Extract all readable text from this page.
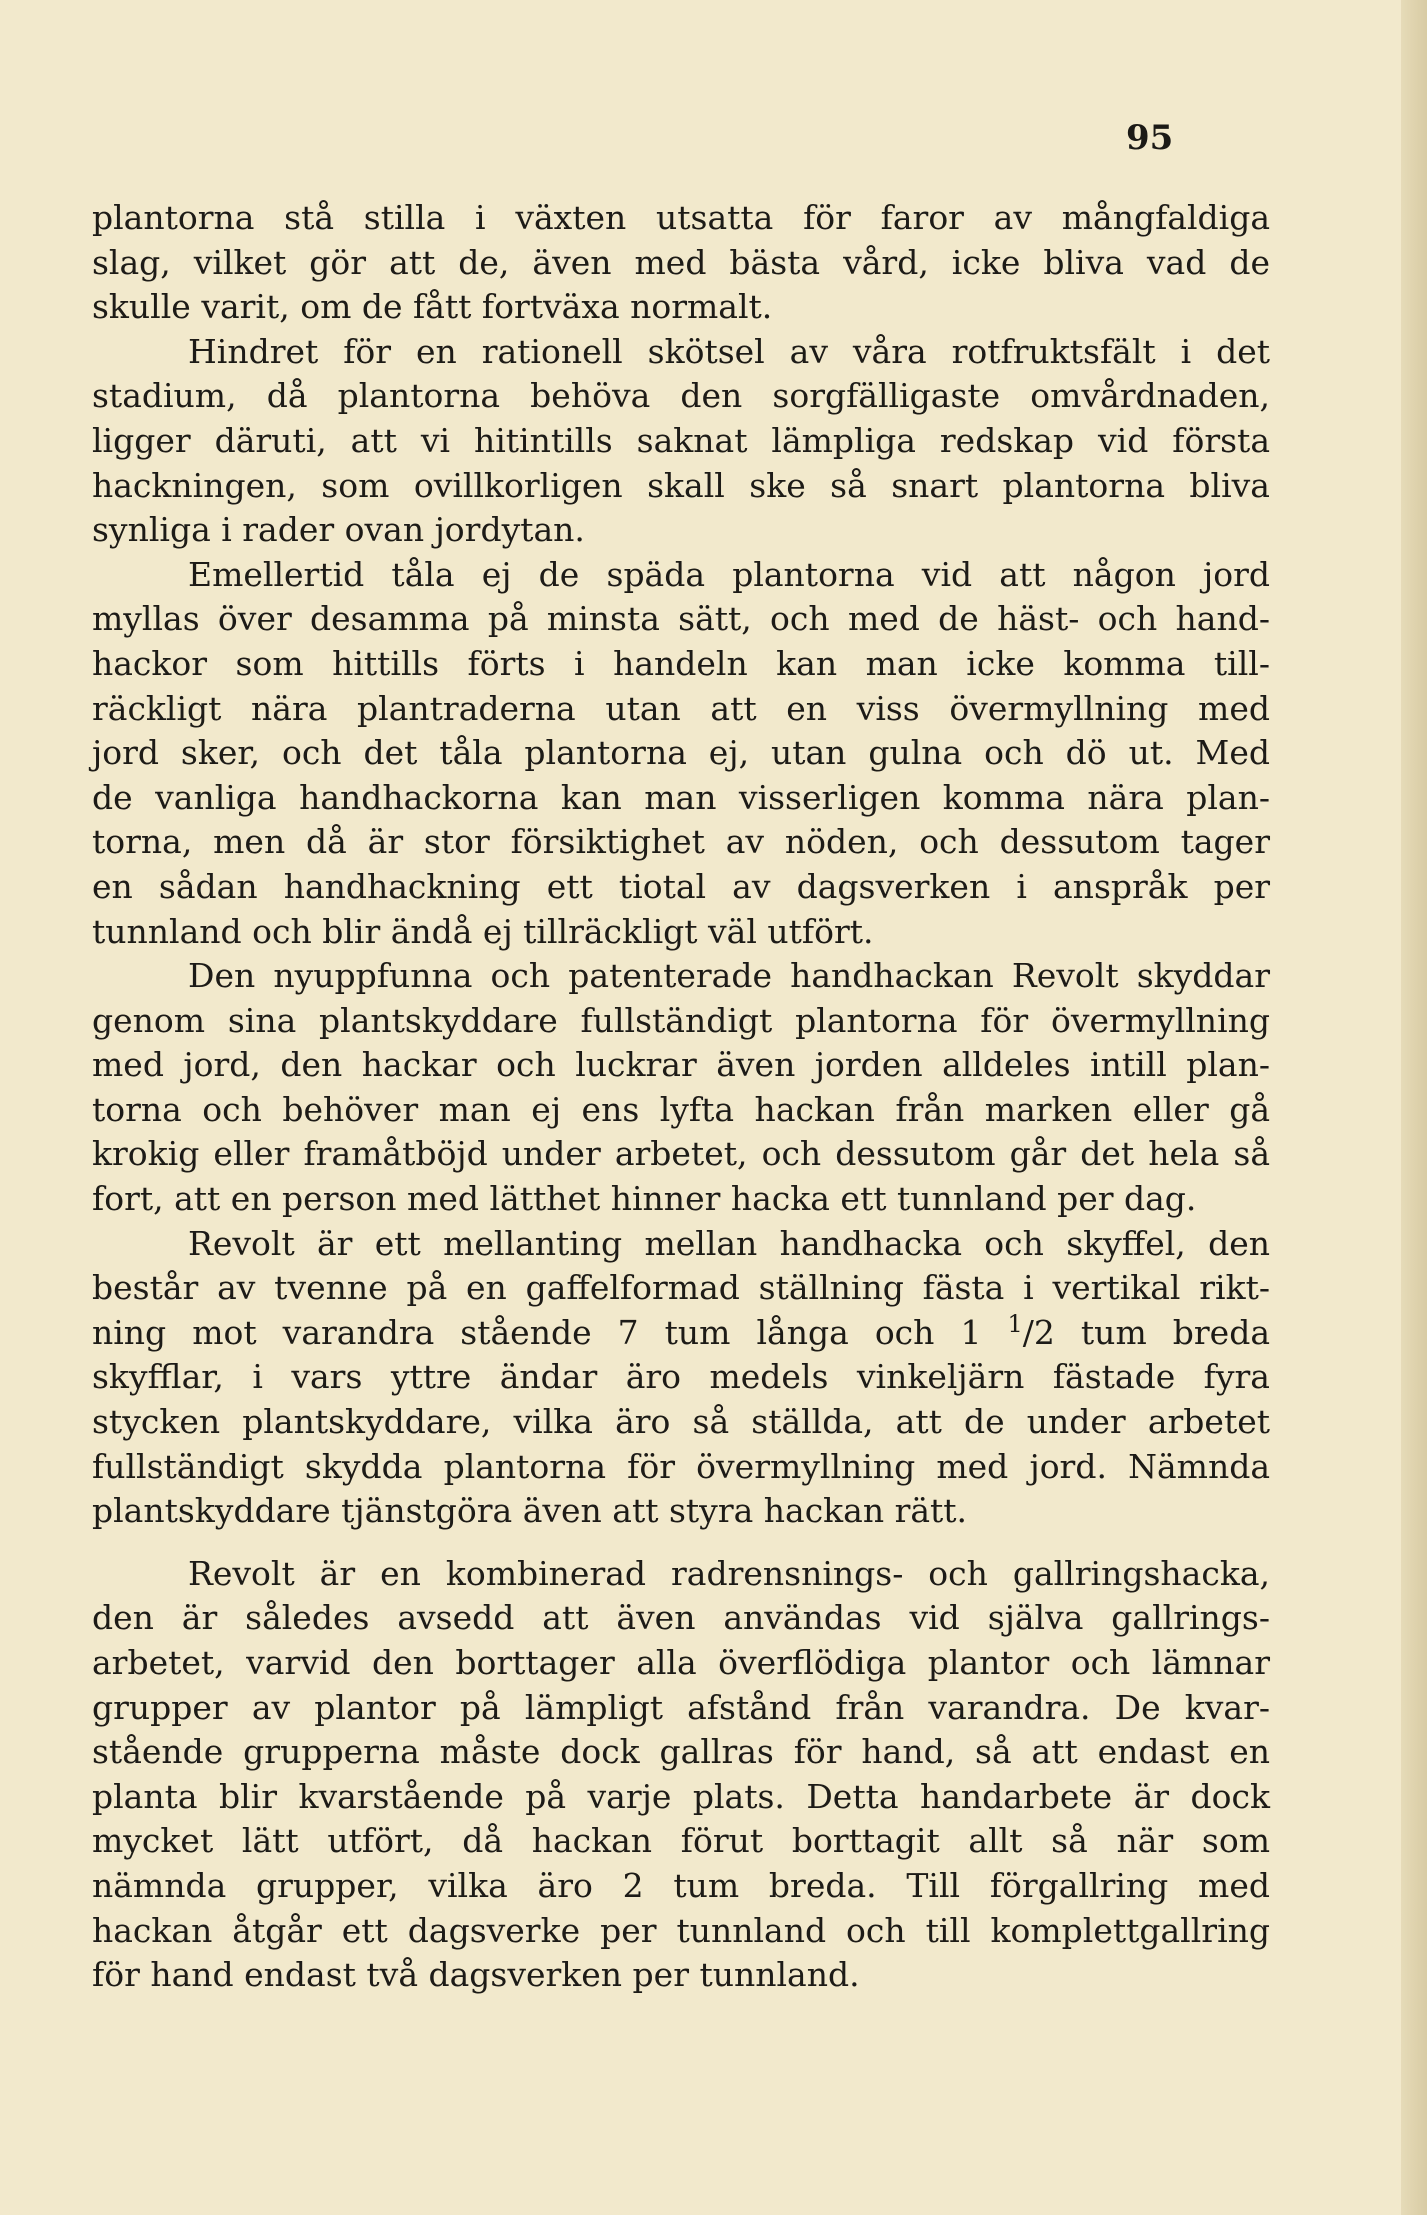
95
plantorna stå stilla i växten utsatta för faror av mångfaldiga
slag, vilket gör att de, även med bästa vård, icke bliva vad de
skulle varit, om de fått fortväxa normalt.
Hindret för en rationell skötsel av våra rotfruktsfält i det
stadium, då plantorna behöva den sorgfälligaste omvårdnaden,
ligger däruti, att vi hitintills saknat lämpliga redskap vid första
hackningen, som ovillkorligen skall ske så snart plantorna bliva
synliga i rader ovan jordytan.
Emellertid tåla ej de späda plantorna vid att någon jord
myllas över desamma på minsta sätt, och med de häst- och hand-
hackor som hittills förts i handeln kan man icke komma till-
räckligt nära plantraderna utan att en viss övermyllning med
jord sker, och det tåla plantorna ej, utan gulna och dö ut. Med
de vanliga handhackorna kan man visserligen komma nära plan-
torna, men då är stor försiktighet av nöden, och dessutom tager
en sådan handhackning ett tiotal av dagsverken i anspråk per
tunnland och blir ändå ej tillräckligt väl utfört.
Den nyuppfunna och patenterade handhackan Revolt skyddar
genom sina plantskyddare fullständigt plantorna för övermyllning
med jord, den hackar och luckrar även jorden alldeles intill plan-
torna och behöver man ej ens lyfta hackan från marken eller gå
krokig eller framåtböjd under arbetet, och dessutom går det hela så
fort, att en person med lätthet hinner hacka ett tunnland per dag.
Revolt är ett mellanting mellan handhacka och skyffel, den
består av tvenne på en gaffelformad ställning fästa i vertikal rikt-
ning mot varandra stående 7 tum långa och 1 $^1$/2 tum breda
skyfflar, i vars yttre ändar äro medels vinkeljärn fästade fyra
stycken plantskyddare, vilka äro så ställda, att de under arbetet
fullständigt skydda plantorna för övermyllning med jord. Nämnda
plantskyddare tjänstgöra även att styra hackan rätt.
Revolt är en kombinerad radrensnings- och gallringshacka,
den är således avsedd att även användas vid själva gallrings-
arbetet, varvid den borttager alla överflödiga plantor och lämnar
grupper av plantor på lämpligt afstånd från varandra. De kvar-
stående grupperna måste dock gallras för hand, så att endast en
planta blir kvarstående på varje plats. Detta handarbete är dock
mycket lätt utfört, då hackan förut borttagit allt så när som
nämnda grupper, vilka äro 2 tum breda. Till förgallring med
hackan åtgår ett dagsverke per tunnland och till komplettgallring
för hand endast två dagsverken per tunnland.
